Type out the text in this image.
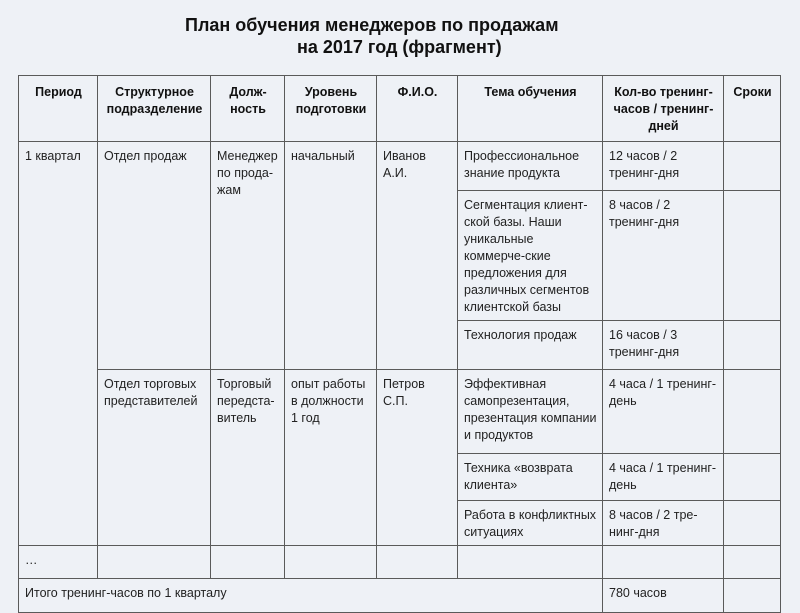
План обучения менеджеров по продажам
на 2017 год (фрагмент)
Период	Структурное подразделение	Долж-ность	Уровень подготовки	Ф.И.О.	Тема обучения	Кол-во тренинг-часов / тренинг-дней	Сроки
1 квартал	Отдел продаж	Менеджер по прода-жам	начальный	Иванов А.И.	Профессиональное знание продукта	12 часов / 2 тренинг-дня	
					Сегментация клиент-ской базы. Наши уникальные коммерче-ские предложения для различных сегментов клиентской базы	8 часов / 2 тренинг-дня	
					Технология продаж	16 часов / 3 тренинг-дня	
	Отдел торговых представителей	Торговый передста-витель	опыт работы в должности 1 год	Петров С.П.	Эффективная самопрезентация, презентация компании и продуктов	4 часа / 1 тренинг-день	
					Техника «возврата клиента»	4 часа / 1 тренинг-день	
					Работа в конфликтных ситуациях	8 часов / 2 тре-нинг-дня	
…							
Итого тренинг-часов по 1 кварталу						780 часов	
